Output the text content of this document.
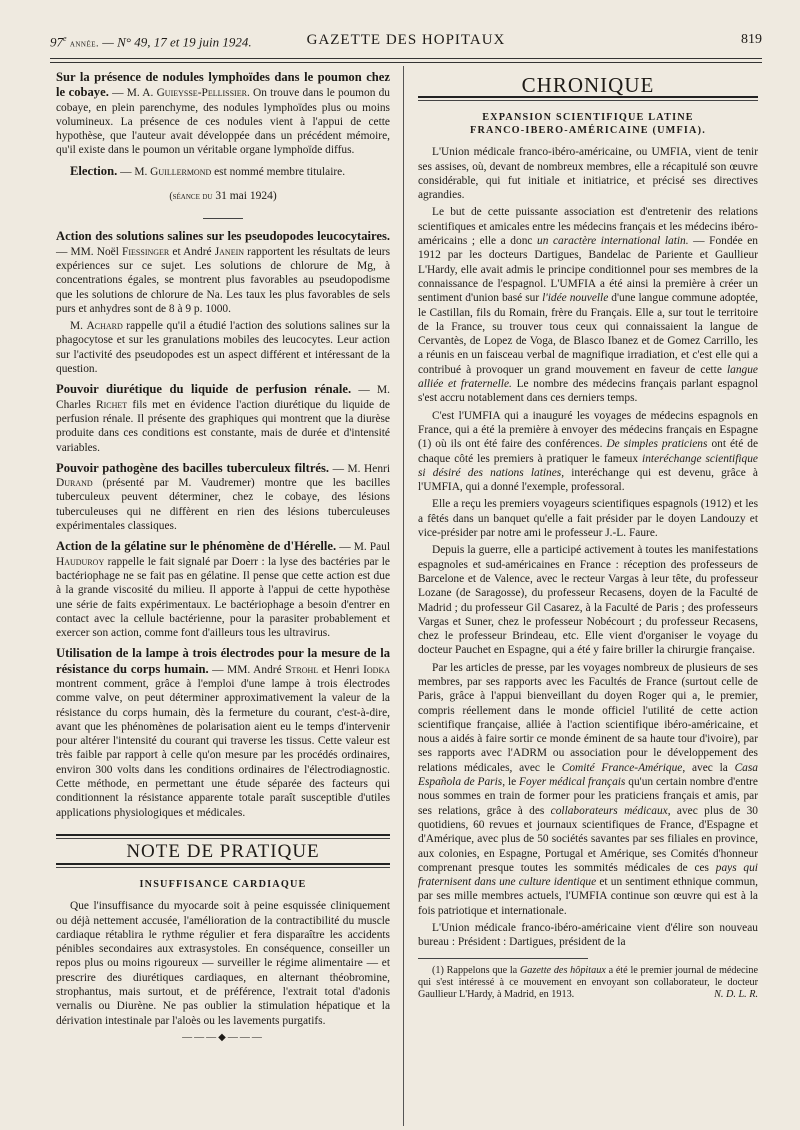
97e année. — N° 49, 17 et 19 juin 1924.	GAZETTE DES HOPITAUX	819

Sur la présence de nodules lymphoïdes dans le poumon chez le cobaye. — M. A. Guieysse-Pellissier. On trouve dans le poumon du cobaye, en plein parenchyme, des nodules lymphoïdes plus ou moins volumineux. La présence de ces nodules vient à l'appui de cette hypothèse, que l'auteur avait développée dans un précédent mémoire, qu'il existe dans le poumon un véritable organe lymphoïde diffus.

Election. — M. Guillermond est nommé membre titulaire.

(séance du 31 mai 1924)

Action des solutions salines sur les pseudopodes leucocytaires. — MM. Noël Fiessinger et André Janein rapportent les résultats de leurs expériences sur ce sujet. Les solutions de chlorure de Mg, à concentrations égales, se montrent plus favorables au pseudopodisme que les solutions de chlorure de Na. Les taux les plus favorables de sels purs et anhydres sont de 8 à 9 p. 1000.

M. Achard rappelle qu'il a étudié l'action des solutions salines sur la phagocytose et sur les granulations mobiles des leucocytes. Leur action sur l'activité des pseudopodes est un aspect différent et intéressant de la question.

Pouvoir diurétique du liquide de perfusion rénale. — M. Charles Richet fils met en évidence l'action diurétique du liquide de perfusion rénale. Il présente des graphiques qui montrent que la diurèse produite dans ces conditions est constante, mais de durée et d'intensité variables.

Pouvoir pathogène des bacilles tuberculeux filtrés. — M. Henri Durand (présenté par M. Vaudremer) montre que les bacilles tuberculeux peuvent déterminer, chez le cobaye, des lésions tuberculeuses qui ne diffèrent en rien des lésions tuberculeuses expérimentales classiques.

Action de la gélatine sur le phénomène de d'Hérelle. — M. Paul Hauduroy rappelle le fait signalé par Doerr : la lyse des bactéries par le bactériophage ne se fait pas en gélatine. Il pense que cette action est due à la grande viscosité du milieu. Il apporte à l'appui de cette hypothèse une série de faits expérimentaux. Le bactériophage a besoin d'entrer en contact avec la cellule bactérienne, pour la parasiter probablement et exercer son action, comme font d'ailleurs tous les ultravirus.

Utilisation de la lampe à trois électrodes pour la mesure de la résistance du corps humain. — MM. André Strohl et Henri Iodka montrent comment, grâce à l'emploi d'une lampe à trois électrodes comme valve, on peut déterminer approximativement la valeur de la résistance du corps humain, dès la fermeture du courant, c'est-à-dire, avant que les phénomènes de polarisation aient eu le temps d'intervenir pour altérer l'intensité du courant qui traverse les tissus. Cette valeur est très faible par rapport à celle qu'on mesure par les procédés ordinaires, environ 300 volts dans les conditions ordinaires de l'électrodiagnostic. Cette méthode, en permettant une étude séparée des facteurs qui conditionnent la résistance apparente totale paraît susceptible d'utiles applications physiologiques et médicales.

NOTE DE PRATIQUE
INSUFFISANCE CARDIAQUE

Que l'insuffisance du myocarde soit à peine esquissée cliniquement ou déjà nettement accusée, l'amélioration de la contractibilité du muscle cardiaque rétablira le rythme régulier et fera disparaître les accidents pénibles secondaires aux extrasystoles. En conséquence, conseiller un repos plus ou moins rigoureux — surveiller le régime alimentaire — et prescrire des diurétiques cardiaques, en alternant théobromine, strophantus, mais surtout, et de préférence, l'extrait total d'adonis vernalis ou Diurène. Ne pas oublier la stimulation hépatique et la dérivation intestinale par l'aloès ou les lavements purgatifs.

―――◆―――
CHRONIQUE
EXPANSION SCIENTIFIQUE LATINE
FRANCO-IBERO-AMÉRICAINE (UMFIA).

L'Union médicale franco-ibéro-américaine, ou UMFIA, vient de tenir ses assises, où, devant de nombreux membres, elle a récapitulé son œuvre considérable, qui fut initiale et initiatrice, et précisé ses directives agrandies.

Le but de cette puissante association est d'entretenir des relations scientifiques et amicales entre les médecins français et les médecins ibéro-américains ; elle a donc un caractère international latin. — Fondée en 1912 par les docteurs Dartigues, Bandelac de Pariente et Gaullieur L'Hardy, elle avait admis le principe conditionnel pour ses membres de la connaissance de l'espagnol. L'UMFIA a été ainsi la première à créer un sentiment d'union basé sur l'idée nouvelle d'une langue commune adoptée, le Castillan, fils du Romain, frère du Français. Elle a, sur tout le territoire de la France, su trouver tous ceux qui connaissaient la langue de Cervantès, de Lopez de Voga, de Blasco Ibanez et de Gomez Carrillo, les a réunis en un faisceau verbal de magnifique irradiation, et c'est elle qui a contribué à provoquer un grand mouvement en faveur de cette langue alliée et fraternelle. Le nombre des médecins français parlant espagnol s'est accru notablement dans ces derniers temps.

C'est l'UMFIA qui a inauguré les voyages de médecins espagnols en France, qui a été la première à envoyer des médecins français en Espagne (1) où ils ont été faire des conférences. De simples praticiens ont été de chaque côté les premiers à pratiquer le fameux interéchange scientifique si désiré des nations latines, interéchange qui est devenu, grâce à l'UMFIA, qui a donné l'exemple, professoral.

Elle a reçu les premiers voyageurs scientifiques espagnols (1912) et les a fêtés dans un banquet qu'elle a fait présider par le doyen Landouzy et vice-présider par notre ami le professeur J.-L. Faure.

Depuis la guerre, elle a participé activement à toutes les manifestations espagnoles et sud-américaines en France : réception des professeurs de Barcelone et de Valence, avec le recteur Vargas à leur tête, du professeur Lozane (de Saragosse), du professeur Recasens, doyen de la Faculté de Madrid ; du professeur Gil Casarez, à la Faculté de Paris ; des professeurs Vargas et Suner, chez le professeur Nobécourt ; du professeur Recasens, chez le professeur Brindeau, etc. Elle vient d'organiser le voyage du docteur Pauchet en Espagne, qui a été y faire briller la chirurgie française.

Par les articles de presse, par les voyages nombreux de plusieurs de ses membres, par ses rapports avec les Facultés de France (surtout celle de Paris, grâce à l'appui bienveillant du doyen Roger qui a, le premier, compris réellement dans le monde officiel l'utilité de cette action scientifique française, alliée à l'action scientifique ibéro-américaine, et nous a aidés à faire sortir ce monde éminent de sa haute tour d'ivoire), par ses rapports avec l'ADRM ou association pour le développement des relations médicales, avec le Comité France-Amérique, avec la Casa Española de Paris, le Foyer médical français qu'un certain nombre d'entre nous sommes en train de former pour les praticiens français et amis, par ses relations, grâce à des collaborateurs médicaux, avec plus de 30 quotidiens, 60 revues et journaux scientifiques de France, d'Espagne et d'Amérique, avec plus de 50 sociétés savantes par ses filiales en province, aux colonies, en Espagne, Portugal et Amérique, ses Comités d'honneur comprenant presque toutes les sommités médicales de ces pays qui fraternisent dans une culture identique et un sentiment ethnique commun, par ses mille membres actuels, l'UMFIA continue son œuvre qui est à la fois patriotique et internationale.

L'Union médicale franco-ibéro-américaine vient d'élire son nouveau bureau : Président : Dartigues, président de la

(1) Rappelons que la Gazette des hôpitaux a été le premier journal de médecine qui s'est intéressé à ce mouvement en envoyant son collaborateur, le docteur Gaullieur L'Hardy, à Madrid, en 1913.	N. D. L. R.
